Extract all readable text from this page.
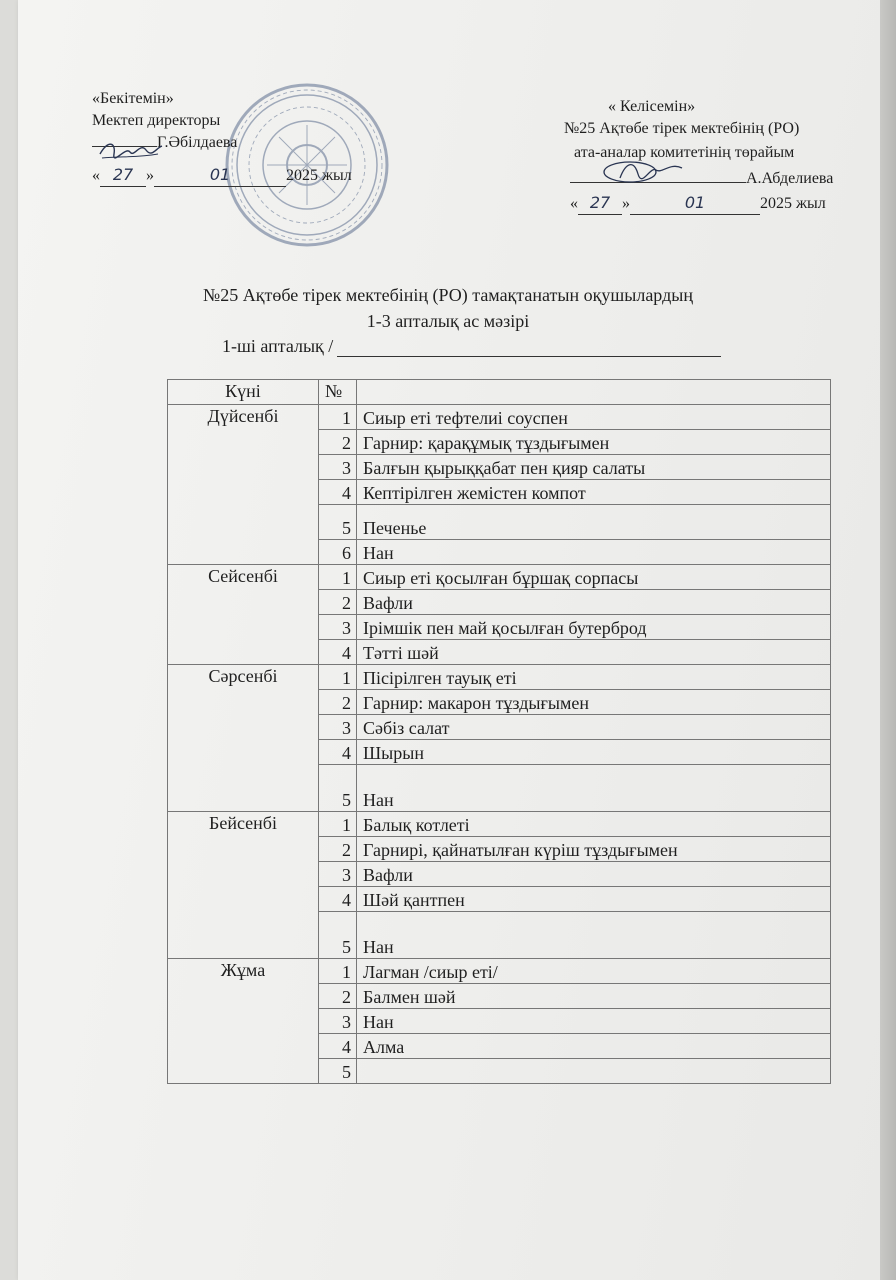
«Бекітемін»
Мектеп директоры
Г.Әбілдаева
« 27 »	01	2025 жыл
« Келісемін»
№25 Ақтөбе тірек мектебінің (РО)
ата-аналар комитетінің төрайым
А.Абделиева
« 27 »	01	2025 жыл
№25 Ақтөбе тірек мектебінің (РО) тамақтанатын оқушылардың
1-3 апталық ас мәзірі
1-ші апталық /
Күні	№	
Дүйсенбі	1	Сиыр еті тефтелиі соуспен
	2	Гарнир: қарақұмық тұздығымен
	3	Балғын қырыққабат пен қияр салаты
	4	Кептірілген жемістен компот
	5	Печенье
	6	Нан
Сейсенбі	1	Сиыр еті қосылған бұршақ сорпасы
	2	Вафли
	3	Ірімшік пен май қосылған бутерброд
	4	Тәтті шәй
Сәрсенбі	1	Пісірілген тауық еті
	2	Гарнир: макарон тұздығымен
	3	Сәбіз салат
	4	Шырын
	5	Нан
Бейсенбі	1	Балық котлеті
	2	Гарнирі, қайнатылған күріш тұздығымен
	3	Вафли
	4	Шәй қантпен
	5	Нан
Жұма	1	Лагман /сиыр еті/
	2	Балмен шәй
	3	Нан
	4	Алма
	5	
